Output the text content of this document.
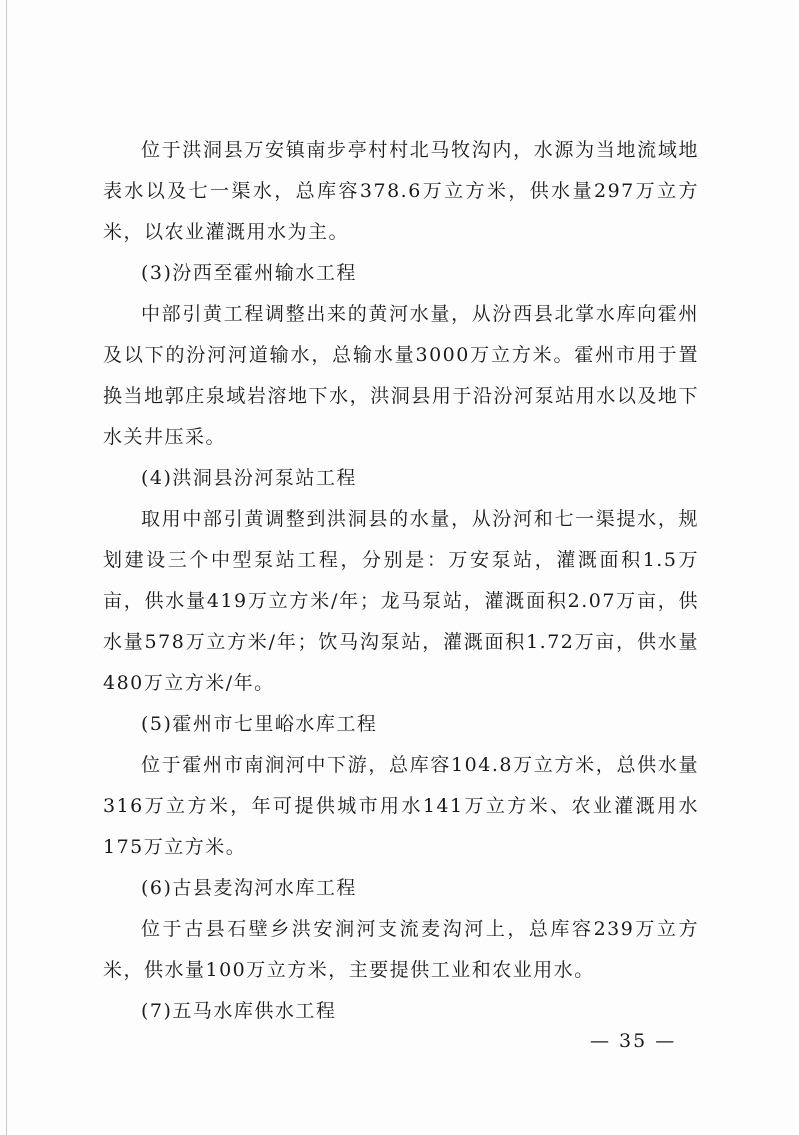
位于洪洞县万安镇南步亭村村北马牧沟内，水源为当地流域地表水以及七一渠水，总库容378.6万立方米，供水量297万立方米，以农业灌溉用水为主。

(3)汾西至霍州输水工程

中部引黄工程调整出来的黄河水量，从汾西县北掌水库向霍州及以下的汾河河道输水，总输水量3000万立方米。霍州市用于置换当地郭庄泉域岩溶地下水，洪洞县用于沿汾河泵站用水以及地下水关井压采。

(4)洪洞县汾河泵站工程

取用中部引黄调整到洪洞县的水量，从汾河和七一渠提水，规划建设三个中型泵站工程，分别是：万安泵站，灌溉面积1.5万亩，供水量419万立方米/年；龙马泵站，灌溉面积2.07万亩，供水量578万立方米/年；饮马沟泵站，灌溉面积1.72万亩，供水量480万立方米/年。

(5)霍州市七里峪水库工程

位于霍州市南涧河中下游，总库容104.8万立方米，总供水量316万立方米，年可提供城市用水141万立方米、农业灌溉用水175万立方米。

(6)古县麦沟河水库工程

位于古县石壁乡洪安涧河支流麦沟河上，总库容239万立方米，供水量100万立方米，主要提供工业和农业用水。

(7)五马水库供水工程

— 35 —
